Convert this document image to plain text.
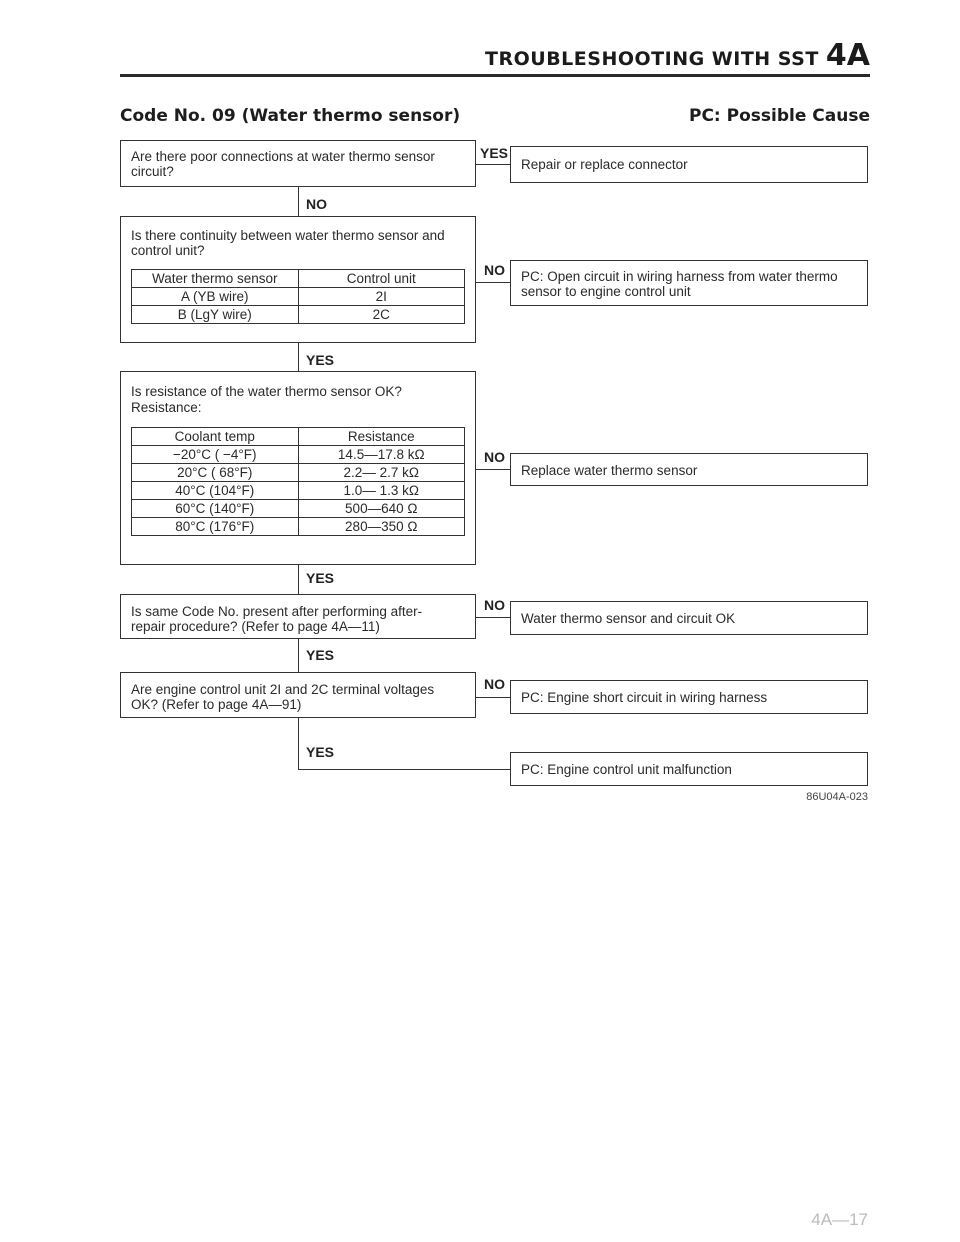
TROUBLESHOOTING WITH SST 4A
Code No. 09 (Water thermo sensor)	PC: Possible Cause
Are there poor connections at water thermo sensor circuit?
YES
Repair or replace connector
NO
Is there continuity between water thermo sensor and control unit?
Water thermo sensor	Control unit
A (YB wire)	2I
B (LgY wire)	2C
NO	PC: Open circuit in wiring harness from water thermo sensor to engine control unit
YES
Is resistance of the water thermo sensor OK?
Resistance:
Coolant temp	Resistance
−20°C ( −4°F)	14.5—17.8 kΩ
20°C ( 68°F)	2.2— 2.7 kΩ
40°C (104°F)	1.0— 1.3 kΩ
60°C (140°F)	500—640 Ω
80°C (176°F)	280—350 Ω
NO
Replace water thermo sensor
YES
Is same Code No. present after performing after-repair procedure? (Refer to page 4A—11)
NO
Water thermo sensor and circuit OK
YES
Are engine control unit 2I and 2C terminal voltages OK? (Refer to page 4A—91)
NO
PC: Engine short circuit in wiring harness
YES
PC: Engine control unit malfunction
86U04A-023
4A—17
